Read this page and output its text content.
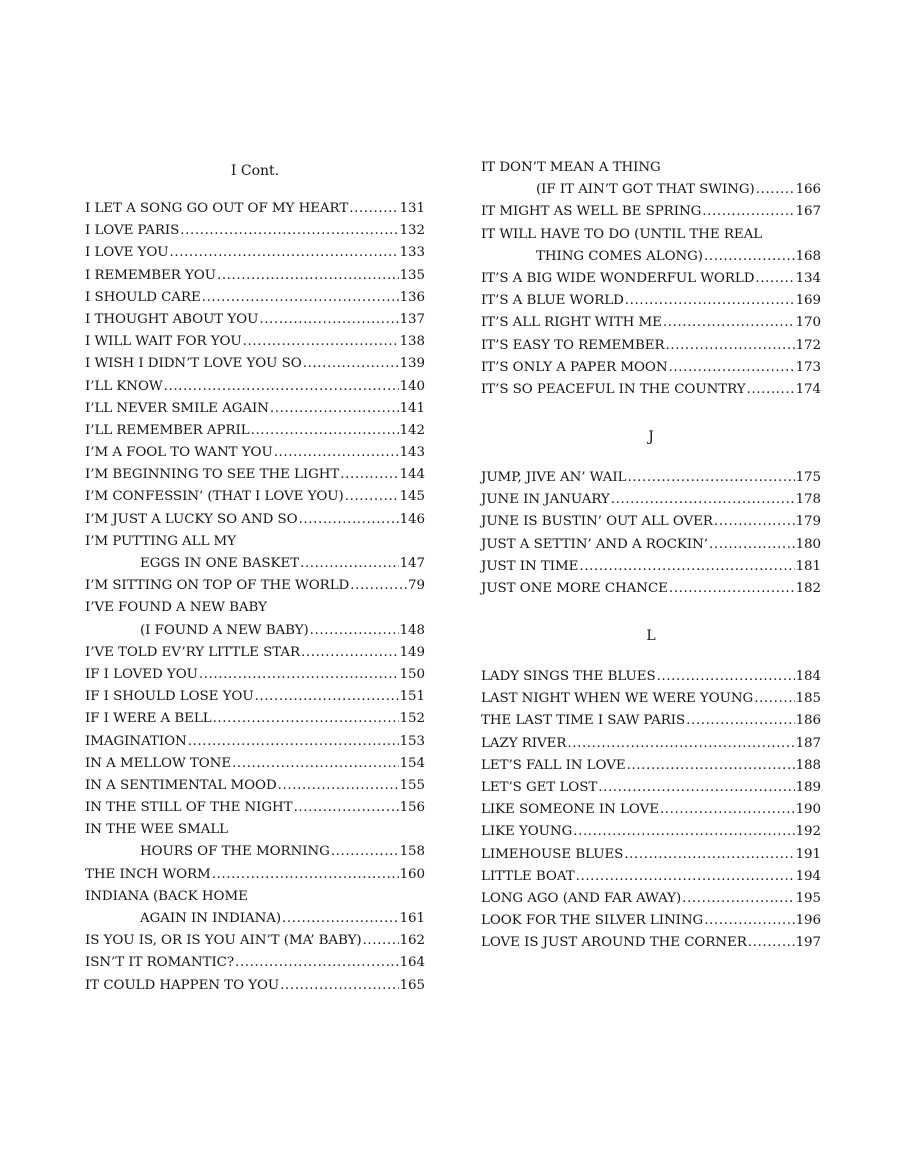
I Cont.
I LET A SONG GO OUT OF MY HEART .....	131
I LOVE PARIS .....	132
I LOVE YOU .....	133
I REMEMBER YOU .....	135
I SHOULD CARE .....	136
I THOUGHT ABOUT YOU .....	137
I WILL WAIT FOR YOU .....	138
I WISH I DIDN’T LOVE YOU SO .....	139
I’LL KNOW .....	140
I’LL NEVER SMILE AGAIN .....	141
I’LL REMEMBER APRIL .....	142
I’M A FOOL TO WANT YOU .....	143
I’M BEGINNING TO SEE THE LIGHT .....	144
I’M CONFESSIN’ (THAT I LOVE YOU) .....	145
I’M JUST A LUCKY SO AND SO .....	146
I’M PUTTING ALL MY
EGGS IN ONE BASKET .....	147
I’M SITTING ON TOP OF THE WORLD .....	79
I’VE FOUND A NEW BABY
(I FOUND A NEW BABY) .....	148
I’VE TOLD EV’RY LITTLE STAR .....	149
IF I LOVED YOU .....	150
IF I SHOULD LOSE YOU .....	151
IF I WERE A BELL .....	152
IMAGINATION .....	153
IN A MELLOW TONE .....	154
IN A SENTIMENTAL MOOD .....	155
IN THE STILL OF THE NIGHT .....	156
IN THE WEE SMALL
HOURS OF THE MORNING .....	158
THE INCH WORM .....	160
INDIANA (BACK HOME
AGAIN IN INDIANA) .....	161
IS YOU IS, OR IS YOU AIN’T (MA’ BABY) .....	162
ISN’T IT ROMANTIC? .....	164
IT COULD HAPPEN TO YOU .....	165
IT DON’T MEAN A THING
(IF IT AIN’T GOT THAT SWING) .....	166
IT MIGHT AS WELL BE SPRING .....	167
IT WILL HAVE TO DO (UNTIL THE REAL
THING COMES ALONG) .....	168
IT’S A BIG WIDE WONDERFUL WORLD .....	134
IT’S A BLUE WORLD .....	169
IT’S ALL RIGHT WITH ME .....	170
IT’S EASY TO REMEMBER .....	172
IT’S ONLY A PAPER MOON .....	173
IT’S SO PEACEFUL IN THE COUNTRY .....	174
J
JUMP, JIVE AN’ WAIL .....	175
JUNE IN JANUARY .....	178
JUNE IS BUSTIN’ OUT ALL OVER .....	179
JUST A SETTIN’ AND A ROCKIN’ .....	180
JUST IN TIME .....	181
JUST ONE MORE CHANCE .....	182
L
LADY SINGS THE BLUES .....	184
LAST NIGHT WHEN WE WERE YOUNG .....	185
THE LAST TIME I SAW PARIS .....	186
LAZY RIVER .....	187
LET’S FALL IN LOVE .....	188
LET’S GET LOST .....	189
LIKE SOMEONE IN LOVE .....	190
LIKE YOUNG .....	192
LIMEHOUSE BLUES .....	191
LITTLE BOAT .....	194
LONG AGO (AND FAR AWAY) .....	195
LOOK FOR THE SILVER LINING .....	196
LOVE IS JUST AROUND THE CORNER .....	197
